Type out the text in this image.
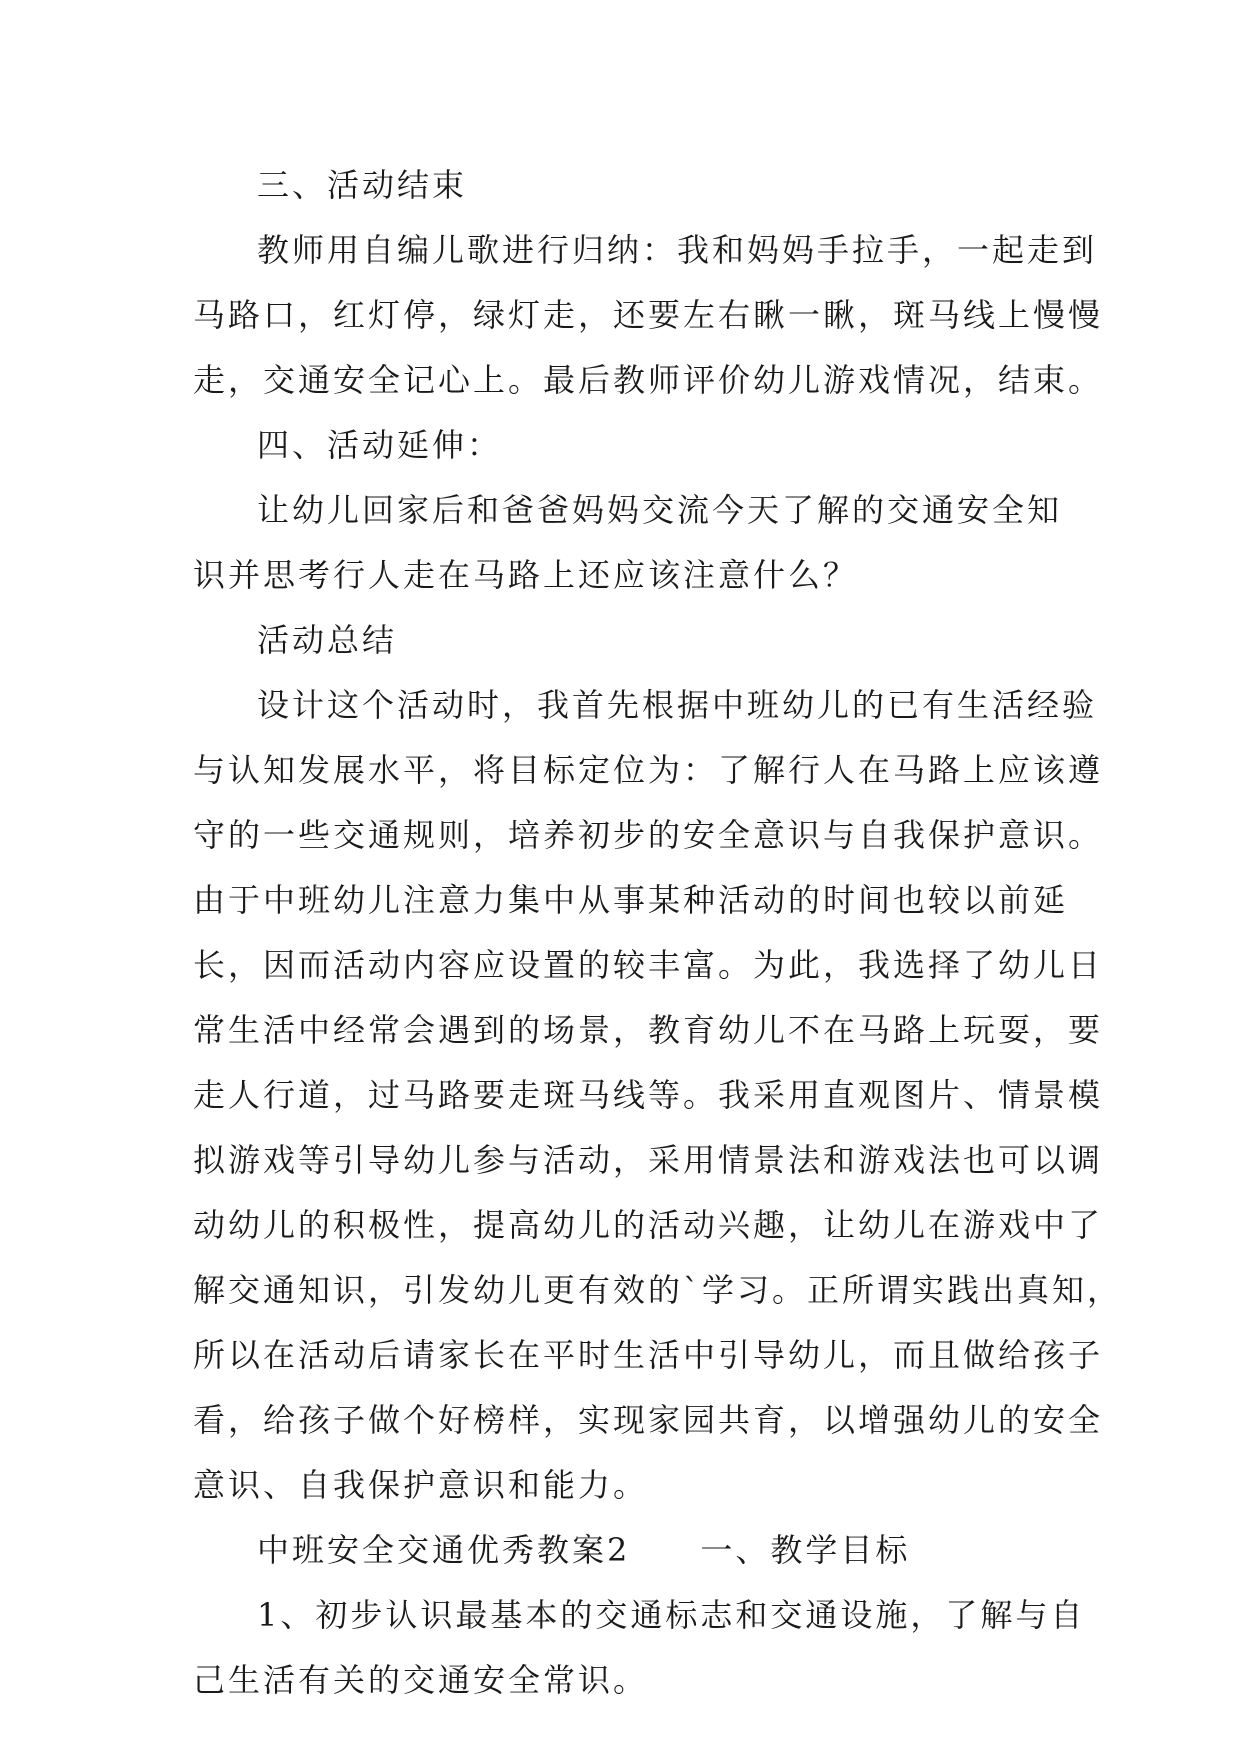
三、活动结束
教师用自编儿歌进行归纳：我和妈妈手拉手，一起走到
马路口，红灯停，绿灯走，还要左右瞅一瞅，斑马线上慢慢
走，交通安全记心上。最后教师评价幼儿游戏情况，结束。
四、活动延伸：
让幼儿回家后和爸爸妈妈交流今天了解的交通安全知
识并思考行人走在马路上还应该注意什么？
活动总结
设计这个活动时，我首先根据中班幼儿的已有生活经验
与认知发展水平，将目标定位为：了解行人在马路上应该遵
守的一些交通规则，培养初步的安全意识与自我保护意识。
由于中班幼儿注意力集中从事某种活动的时间也较以前延
长，因而活动内容应设置的较丰富。为此，我选择了幼儿日
常生活中经常会遇到的场景，教育幼儿不在马路上玩耍，要
走人行道，过马路要走斑马线等。我采用直观图片、情景模
拟游戏等引导幼儿参与活动，采用情景法和游戏法也可以调
动幼儿的积极性，提高幼儿的活动兴趣，让幼儿在游戏中了
解交通知识，引发幼儿更有效的`学习。正所谓实践出真知，
所以在活动后请家长在平时生活中引导幼儿，而且做给孩子
看，给孩子做个好榜样，实现家园共育，以增强幼儿的安全
意识、自我保护意识和能力。
中班安全交通优秀教案2　　一、教学目标
1、初步认识最基本的交通标志和交通设施，了解与自
己生活有关的交通安全常识。
